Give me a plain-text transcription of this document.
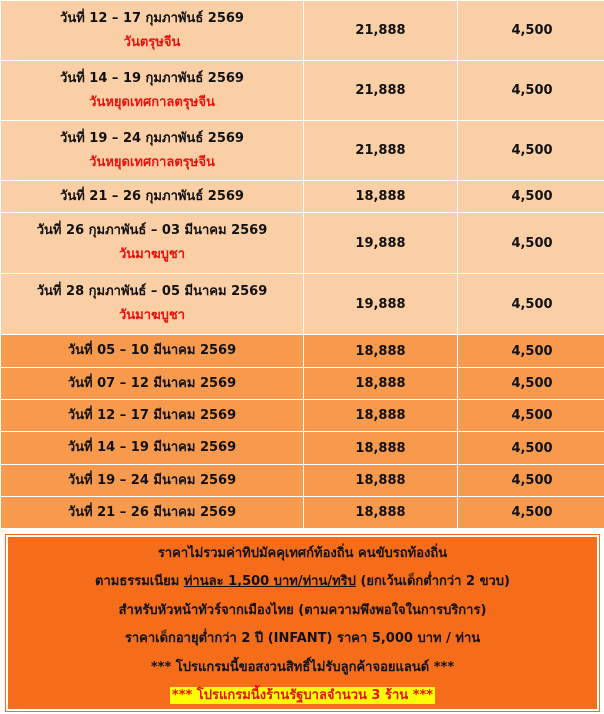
วันที่ 12 – 17 กุมภาพันธ์ 2569
วันตรุษจีน	21,888	4,500

วันที่ 14 – 19 กุมภาพันธ์ 2569
วันหยุดเทศกาลตรุษจีน	21,888	4,500

วันที่ 19 – 24 กุมภาพันธ์ 2569
วันหยุดเทศกาลตรุษจีน	21,888	4,500

วันที่ 21 – 26 กุมภาพันธ์ 2569	18,888	4,500

วันที่ 26 กุมภาพันธ์ – 03 มีนาคม 2569
วันมาฆบูชา	19,888	4,500

วันที่ 28 กุมภาพันธ์ – 05 มีนาคม 2569
วันมาฆบูชา	19,888	4,500

วันที่ 05 – 10 มีนาคม 2569	18,888	4,500

วันที่ 07 – 12 มีนาคม 2569	18,888	4,500

วันที่ 12 – 17 มีนาคม 2569	18,888	4,500

วันที่ 14 – 19 มีนาคม 2569	18,888	4,500

วันที่ 19 – 24 มีนาคม 2569	18,888	4,500

วันที่ 21 – 26 มีนาคม 2569	18,888	4,500
ราคาไม่รวมค่าทิปมัคคุเทศก์ท้องถิ่น คนขับรถท้องถิ่น
ตามธรรมเนียม ท่านละ 1,500 บาท/ท่าน/ทริป (ยกเว้นเด็กต่ำกว่า 2 ขวบ)
สำหรับหัวหน้าทัวร์จากเมืองไทย (ตามความพึงพอใจในการบริการ)
ราคาเด็กอายุต่ำกว่า 2 ปี (INFANT) ราคา 5,000 บาท / ท่าน
*** โปรแกรมนี้ขอสงวนสิทธิ์ไม่รับลูกค้าจอยแลนด์ ***
*** โปรแกรมนี้งร้านรัฐบาลจำนวน 3 ร้าน ***
